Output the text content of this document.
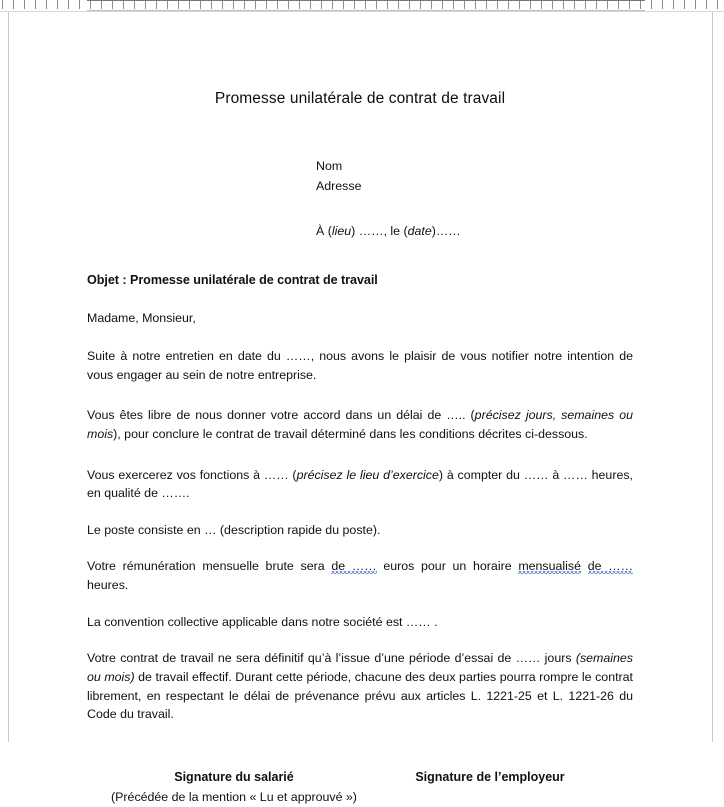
Promesse unilatérale de contrat de travail
Nom
Adresse
À (lieu) ……, le (date)……
Objet : Promesse unilatérale de contrat de travail
Madame, Monsieur,

Suite à notre entretien en date du ……, nous avons le plaisir de vous notifier notre intention de vous engager au sein de notre entreprise.

Vous êtes libre de nous donner votre accord dans un délai de ….. (précisez jours, semaines ou mois), pour conclure le contrat de travail déterminé dans les conditions décrites ci-dessous.

Vous exercerez vos fonctions à …… (précisez le lieu d’exercice) à compter du …… à …… heures, en qualité de …….

Le poste consiste en … (description rapide du poste).

Votre rémunération mensuelle brute sera de …… euros pour un horaire mensualisé de …… heures.

La convention collective applicable dans notre société est …… .

Votre contrat de travail ne sera définitif qu’à l’issue d’une période d’essai de …… jours (semaines ou mois) de travail effectif. Durant cette période, chacune des deux parties pourra rompre le contrat librement, en respectant le délai de prévenance prévu aux articles L. 1221-25 et L. 1221-26 du Code du travail.

Signature du salarié
(Précédée de la mention « Lu et approuvé »)
Signature de l’employeur
